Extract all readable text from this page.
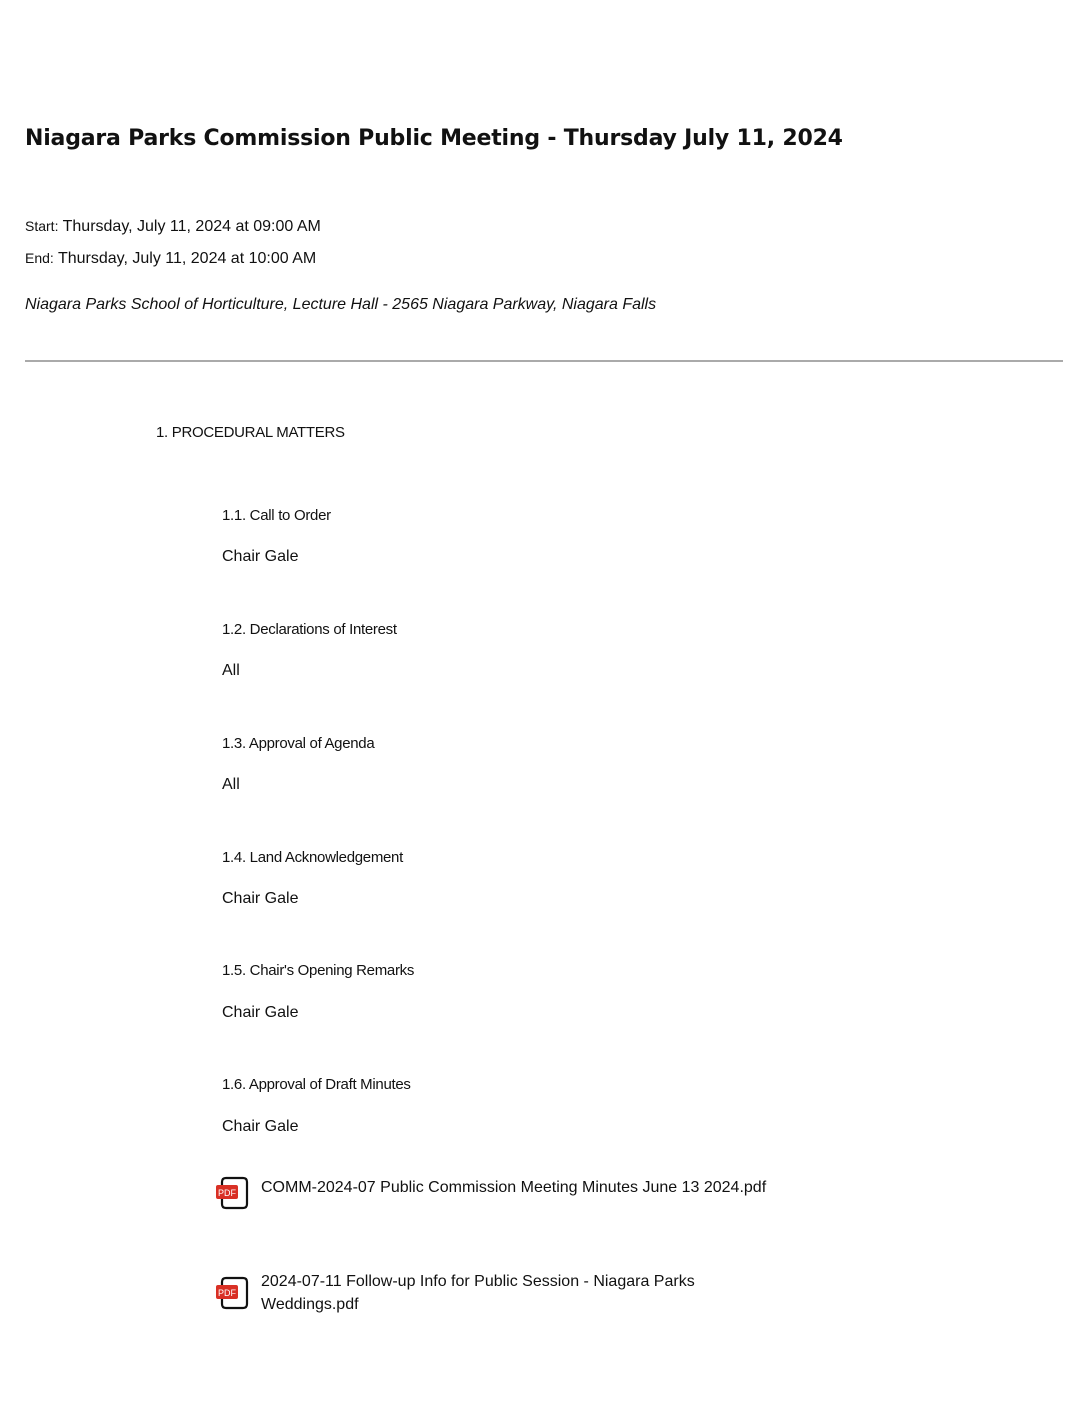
Niagara Parks Commission Public Meeting - Thursday July 11, 2024
Start: Thursday, July 11, 2024 at 09:00 AM
End: Thursday, July 11, 2024 at 10:00 AM
Niagara Parks School of Horticulture, Lecture Hall - 2565 Niagara Parkway, Niagara Falls
1. PROCEDURAL MATTERS
1.1. Call to Order
Chair Gale
1.2. Declarations of Interest
All
1.3. Approval of Agenda
All
1.4. Land Acknowledgement
Chair Gale
1.5. Chair's Opening Remarks
Chair Gale
1.6. Approval of Draft Minutes
Chair Gale
PDF COMM-2024-07 Public Commission Meeting Minutes June 13 2024.pdf
PDF
2024-07-11 Follow-up Info for Public Session - Niagara Parks Weddings.pdf
